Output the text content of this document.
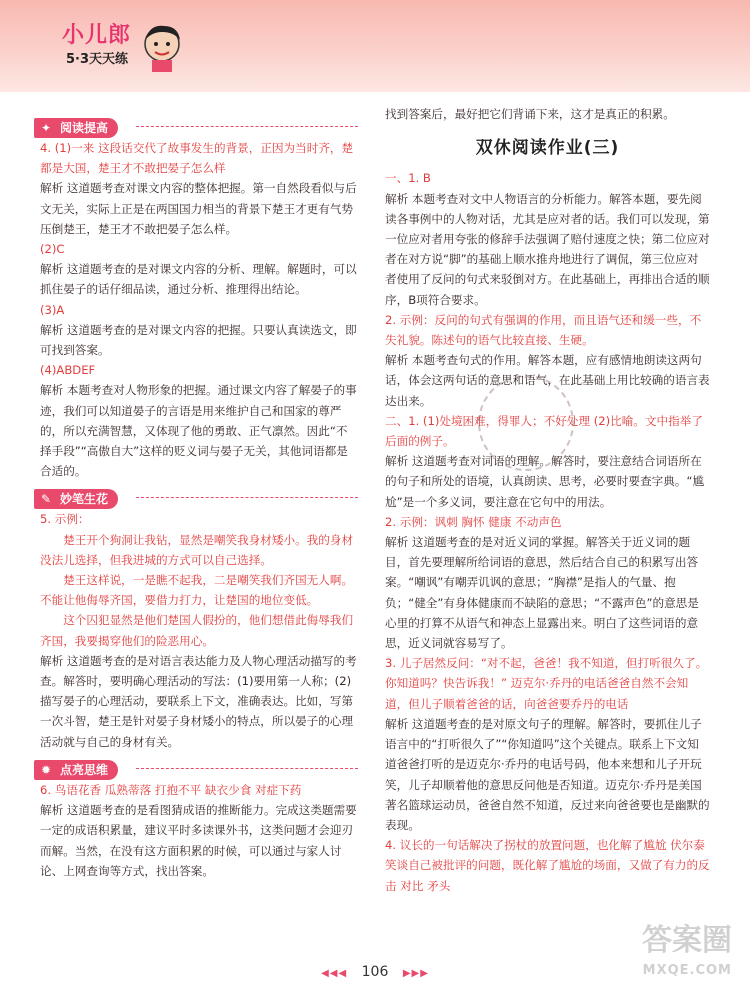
小儿郎
5·3天天练
✦ 阅读提高

4. (1)一来 这段话交代了故事发生的背景，正因为当时齐，楚都是大国，楚王才不敢把晏子怎么样

解析 这道题考查对课文内容的整体把握。第一自然段看似与后文无关，实际上正是在两国国力相当的背景下楚王才更有气势压倒楚王，楚王才不敢把晏子怎么样。

(2)C

解析 这道题考查的是对课文内容的分析、理解。解题时，可以抓住晏子的话仔细品读，通过分析、推理得出结论。

(3)A

解析 这道题考查的是对课文内容的把握。只要认真读选文，即可找到答案。

(4)ABDEF

解析 本题考查对人物形象的把握。通过课文内容了解晏子的事迹，我们可以知道晏子的言语是用来维护自己和国家的尊严的，所以充满智慧，又体现了他的勇敢、正气凛然。因此“不择手段”“高傲自大”这样的贬义词与晏子无关，其他词语都是合适的。

✎ 妙笔生花

5. 示例：

楚王开个狗洞让我钻，显然是嘲笑我身材矮小。我的身材没法儿选择，但我进城的方式可以自己选择。

楚王这样说，一是瞧不起我，二是嘲笑我们齐国无人啊。不能让他侮辱齐国，要借力打力，让楚国的地位变低。

这个囚犯显然是他们楚国人假扮的，他们想借此侮辱我们齐国，我要揭穿他们的险恶用心。

解析 这道题考查的是对语言表达能力及人物心理活动描写的考查。解答时，要明确心理活动的写法：(1)要用第一人称；(2)描写晏子的心理活动，要联系上下文，准确表达。比如，写第一次斗智，楚王是针对晏子身材矮小的特点，所以晏子的心理活动就与自己的身材有关。

✹ 点亮思维

6. 鸟语花香 瓜熟蒂落 打抱不平 缺衣少食 对症下药

解析 这道题考查的是看图猜成语的推断能力。完成这类题需要一定的成语积累量，建议平时多读课外书，这类问题才会迎刃而解。当然，在没有这方面积累的时候，可以通过与家人讨论、上网查询等方式，找出答案。

找到答案后，最好把它们背诵下来，这才是真正的积累。

双休阅读作业(三)

一、1. B

解析 本题考查对文中人物语言的分析能力。解答本题，要先阅读各事例中的人物对话，尤其是应对者的话。我们可以发现，第一位应对者用夸张的修辞手法强调了赔付速度之快；第二位应对者在对方说“脚”的基础上顺水推舟地进行了调侃，第三位应对者使用了反问的句式来驳倒对方。在此基础上，再排出合适的顺序，B项符合要求。

2. 示例：反问的句式有强调的作用，而且语气还和缓一些，不失礼貌。陈述句的语气比较直接、生硬。

解析 本题考查句式的作用。解答本题，应有感情地朗读这两句话，体会这两句话的意思和语气，在此基础上用比较确的语言表达出来。

二、1. (1)处境困难，得罪人；不好处理 (2)比喻。文中指举了后面的例子。

解析 这道题考查对词语的理解。解答时，要注意结合词语所在的句子和所处的语境，认真朗读、思考，必要时要查字典。“尴尬”是一个多义词，要注意在它句中的用法。

2. 示例：讽刺 胸怀 健康 不动声色

解析 这道题考查的是对近义词的掌握。解答关于近义词的题目，首先要理解所给词语的意思，然后结合自己的积累写出答案。“嘲讽”有嘲弄讥讽的意思；“胸襟”是指人的气量、抱负；“健全”有身体健康而不缺陷的意思；“不露声色”的意思是心里的打算不从语气和神态上显露出来。明白了这些词语的意思，近义词就容易写了。

3. 儿子居然反问：“对不起，爸爸！我不知道，但打听很久了。你知道吗？快告诉我！” 迈克尔·乔丹的电话爸爸自然不会知道，但儿子顺着爸爸的话，向爸爸要乔丹的电话

解析 这道题考查的是对原文句子的理解。解答时，要抓住儿子语言中的“打听很久了”“你知道吗”这个关键点。联系上下文知道爸爸打听的是迈克尔·乔丹的电话号码，他本来想和儿子开玩笑，儿子却顺着他的意思反问他是否知道。迈克尔·乔丹是美国著名篮球运动员，爸爸自然不知道，反过来向爸爸要也是幽默的表现。

4. 议长的一句话解决了拐杖的放置问题，也化解了尴尬 伏尔泰笑谈自己被批评的问题，既化解了尴尬的场面，又做了有力的反击 对比 矛头

◀◀◀ 106 ▶▶▶
答案圈
MXQE.COM
